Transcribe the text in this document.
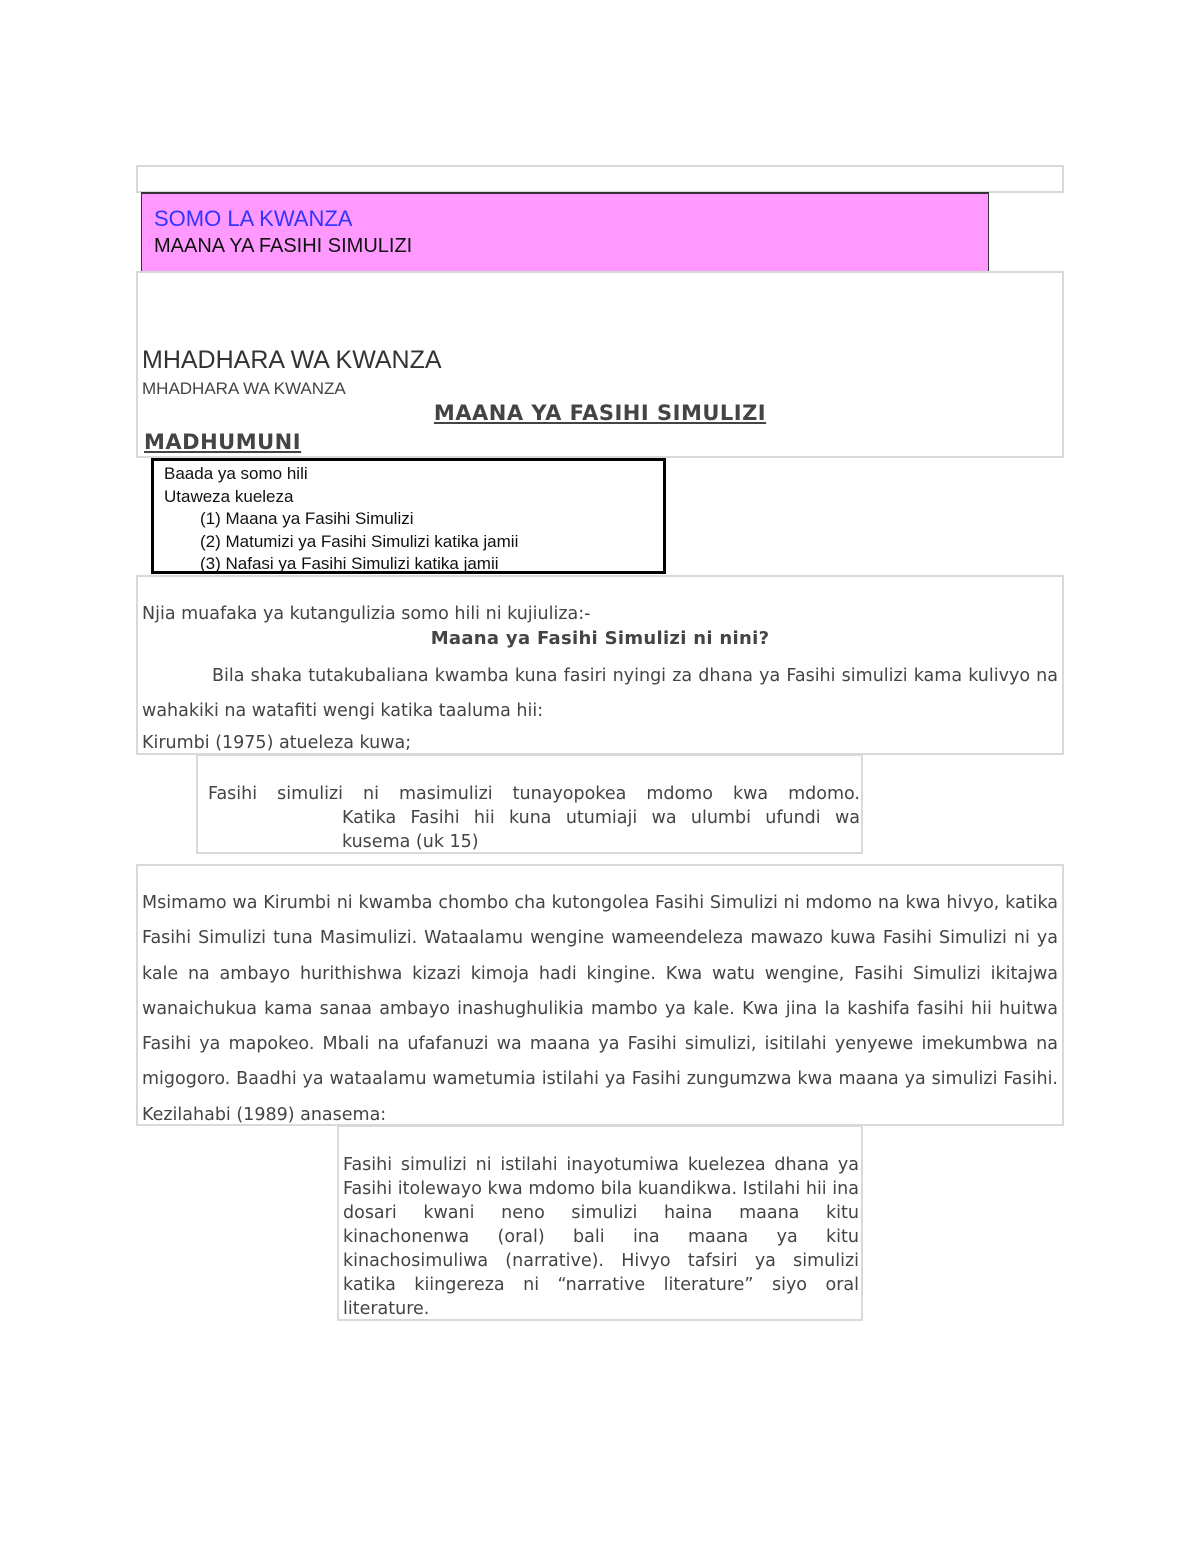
SOMO LA KWANZA
MAANA YA FASIHI SIMULIZI
MHADHARA WA KWANZA
MHADHARA WA KWANZA
MAANA YA FASIHI SIMULIZI
MADHUMUNI
Baada ya somo hili
Utaweza kueleza
(1) Maana ya Fasihi Simulizi
(2) Matumizi ya Fasihi Simulizi katika jamii
(3) Nafasi ya Fasihi Simulizi katika jamii
Njia muafaka ya kutangulizia somo hili ni kujiuliza:-
Maana ya Fasihi Simulizi ni nini?
Bila shaka tutakubaliana kwamba kuna fasiri nyingi za dhana ya Fasihi simulizi kama kulivyo na wahakiki na watafiti wengi katika taaluma hii:
Kirumbi (1975) atueleza kuwa;
Fasihi simulizi ni masimulizi tunayopokea mdomo kwa mdomo.
Katika Fasihi hii kuna utumiaji wa ulumbi ufundi wa kusema (uk 15)
Msimamo wa Kirumbi ni kwamba chombo cha kutongolea Fasihi Simulizi ni mdomo na kwa hivyo, katika Fasihi Simulizi tuna Masimulizi. Wataalamu wengine wameendeleza mawazo kuwa Fasihi Simulizi ni ya kale na ambayo hurithishwa kizazi kimoja hadi kingine. Kwa watu wengine, Fasihi Simulizi ikitajwa wanaichukua kama sanaa ambayo inashughulikia mambo ya kale. Kwa jina la kashifa fasihi hii huitwa Fasihi ya mapokeo. Mbali na ufafanuzi wa maana ya Fasihi simulizi, isitilahi yenyewe imekumbwa na migogoro. Baadhi ya wataalamu wametumia istilahi ya Fasihi zungumzwa kwa maana ya simulizi Fasihi. Kezilahabi (1989) anasema:
Fasihi simulizi ni istilahi inayotumiwa kuelezea dhana ya Fasihi itolewayo kwa mdomo bila kuandikwa. Istilahi hii ina dosari kwani neno simulizi haina maana kitu kinachonenwa (oral) bali ina maana ya kitu kinachosimuliwa (narrative). Hivyo tafsiri ya simulizi katika kiingereza ni “narrative literature” siyo oral literature.
